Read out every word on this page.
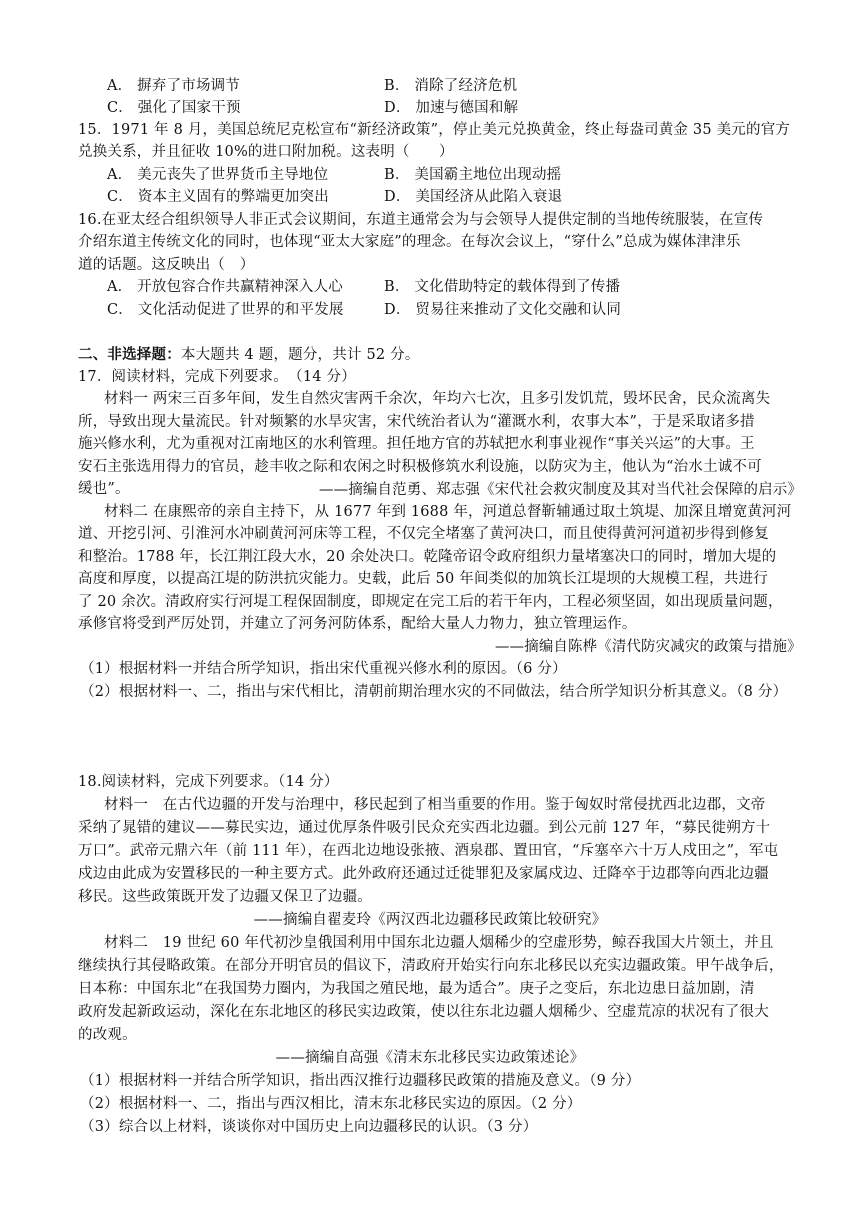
A． 摒弃了市场调节	B． 消除了经济危机
C． 强化了国家干预	D． 加速与德国和解
15．1971 年 8 月，美国总统尼克松宣布“新经济政策”，停止美元兑换黄金，终止每盎司黄金 35 美元的官方
兑换关系，并且征收 10%的进口附加税。这表明（　　）
A． 美元丧失了世界货币主导地位	B． 美国霸主地位出现动摇
C． 资本主义固有的弊端更加突出	D． 美国经济从此陷入衰退
16.在亚太经合组织领导人非正式会议期间，东道主通常会为与会领导人提供定制的当地传统服装，在宣传
介绍东道主传统文化的同时，也体现“亚太大家庭”的理念。在每次会议上，“穿什么”总成为媒体津津乐
道的话题。这反映出（　）
A． 开放包容合作共赢精神深入人心	B． 文化借助特定的载体得到了传播
C． 文化活动促进了世界的和平发展	D． 贸易往来推动了文化交融和认同
二、非选择题：本大题共 4 题，题分，共计 52 分。
17．阅读材料，完成下列要求。　（14 分）
材料一 两宋三百多年间，发生自然灾害两千余次，年均六七次，且多引发饥荒，毁坏民舍，民众流离失
所，导致出现大量流民。针对频繁的水旱灾害，宋代统治者认为“灌溉水利，农事大本”，于是采取诸多措
施兴修水利，尤为重视对江南地区的水利管理。担任地方官的苏轼把水利事业视作“事关兴运”的大事。王
安石主张选用得力的官员，趁丰收之际和农闲之时积极修筑水利设施，以防灾为主，他认为“治水土诚不可
缓也”。	——摘编自范勇、郑志强《宋代社会救灾制度及其对当代社会保障的启示》
材料二 在康熙帝的亲自主持下，从 1677 年到 1688 年，河道总督靳辅通过取土筑堤、加深且增宽黄河河
道、开挖引河、引淮河水冲刷黄河河床等工程，不仅完全堵塞了黄河决口，而且使得黄河河道初步得到修复
和整治。1788 年，长江荆江段大水，20 余处决口。乾隆帝诏令政府组织力量堵塞决口的同时，增加大堤的
高度和厚度，以提高江堤的防洪抗灾能力。史载，此后 50 年间类似的加筑长江堤坝的大规模工程，共进行
了 20 余次。清政府实行河堤工程保固制度，即规定在完工后的若干年内，工程必须坚固，如出现质量问题，
承修官将受到严厉处罚，并建立了河务河防体系，配给大量人力物力，独立管理运作。
——摘编自陈桦《清代防灾减灾的政策与措施》
（1）根据材料一并结合所学知识，指出宋代重视兴修水利的原因。（6 分）
（2）根据材料一、二，指出与宋代相比，清朝前期治理水灾的不同做法，结合所学知识分析其意义。（8 分）
18.阅读材料，完成下列要求。（14 分）
材料一　在古代边疆的开发与治理中，移民起到了相当重要的作用。鉴于匈奴时常侵扰西北边郡，文帝
采纳了晁错的建议——募民实边，通过优厚条件吸引民众充实西北边疆。到公元前 127 年，“募民徙朔方十
万口”。武帝元鼎六年（前 111 年），在西北边地设张掖、酒泉郡、置田官，“斥塞卒六十万人戍田之”，军屯
戍边由此成为安置移民的一种主要方式。此外政府还通过迁徙罪犯及家属戍边、迁降卒于边郡等向西北边疆
移民。这些政策既开发了边疆又保卫了边疆。
——摘编自翟麦玲《两汉西北边疆移民政策比较研究》
材料二　19 世纪 60 年代初沙皇俄国利用中国东北边疆人烟稀少的空虚形势，鲸吞我国大片领土，并且
继续执行其侵略政策。在部分开明官员的倡议下，清政府开始实行向东北移民以充实边疆政策。甲午战争后，
日本称：中国东北“在我国势力圈内，为我国之殖民地，最为适合”。庚子之变后，东北边患日益加剧，清
政府发起新政运动，深化在东北地区的移民实边政策，使以往东北边疆人烟稀少、空虚荒凉的状况有了很大
的改观。
——摘编自高强《清末东北移民实边政策述论》
（1）根据材料一并结合所学知识，指出西汉推行边疆移民政策的措施及意义。（9 分）
（2）根据材料一、二，指出与西汉相比，清末东北移民实边的原因。（2 分）
（3）综合以上材料，谈谈你对中国历史上向边疆移民的认识。（3 分）
